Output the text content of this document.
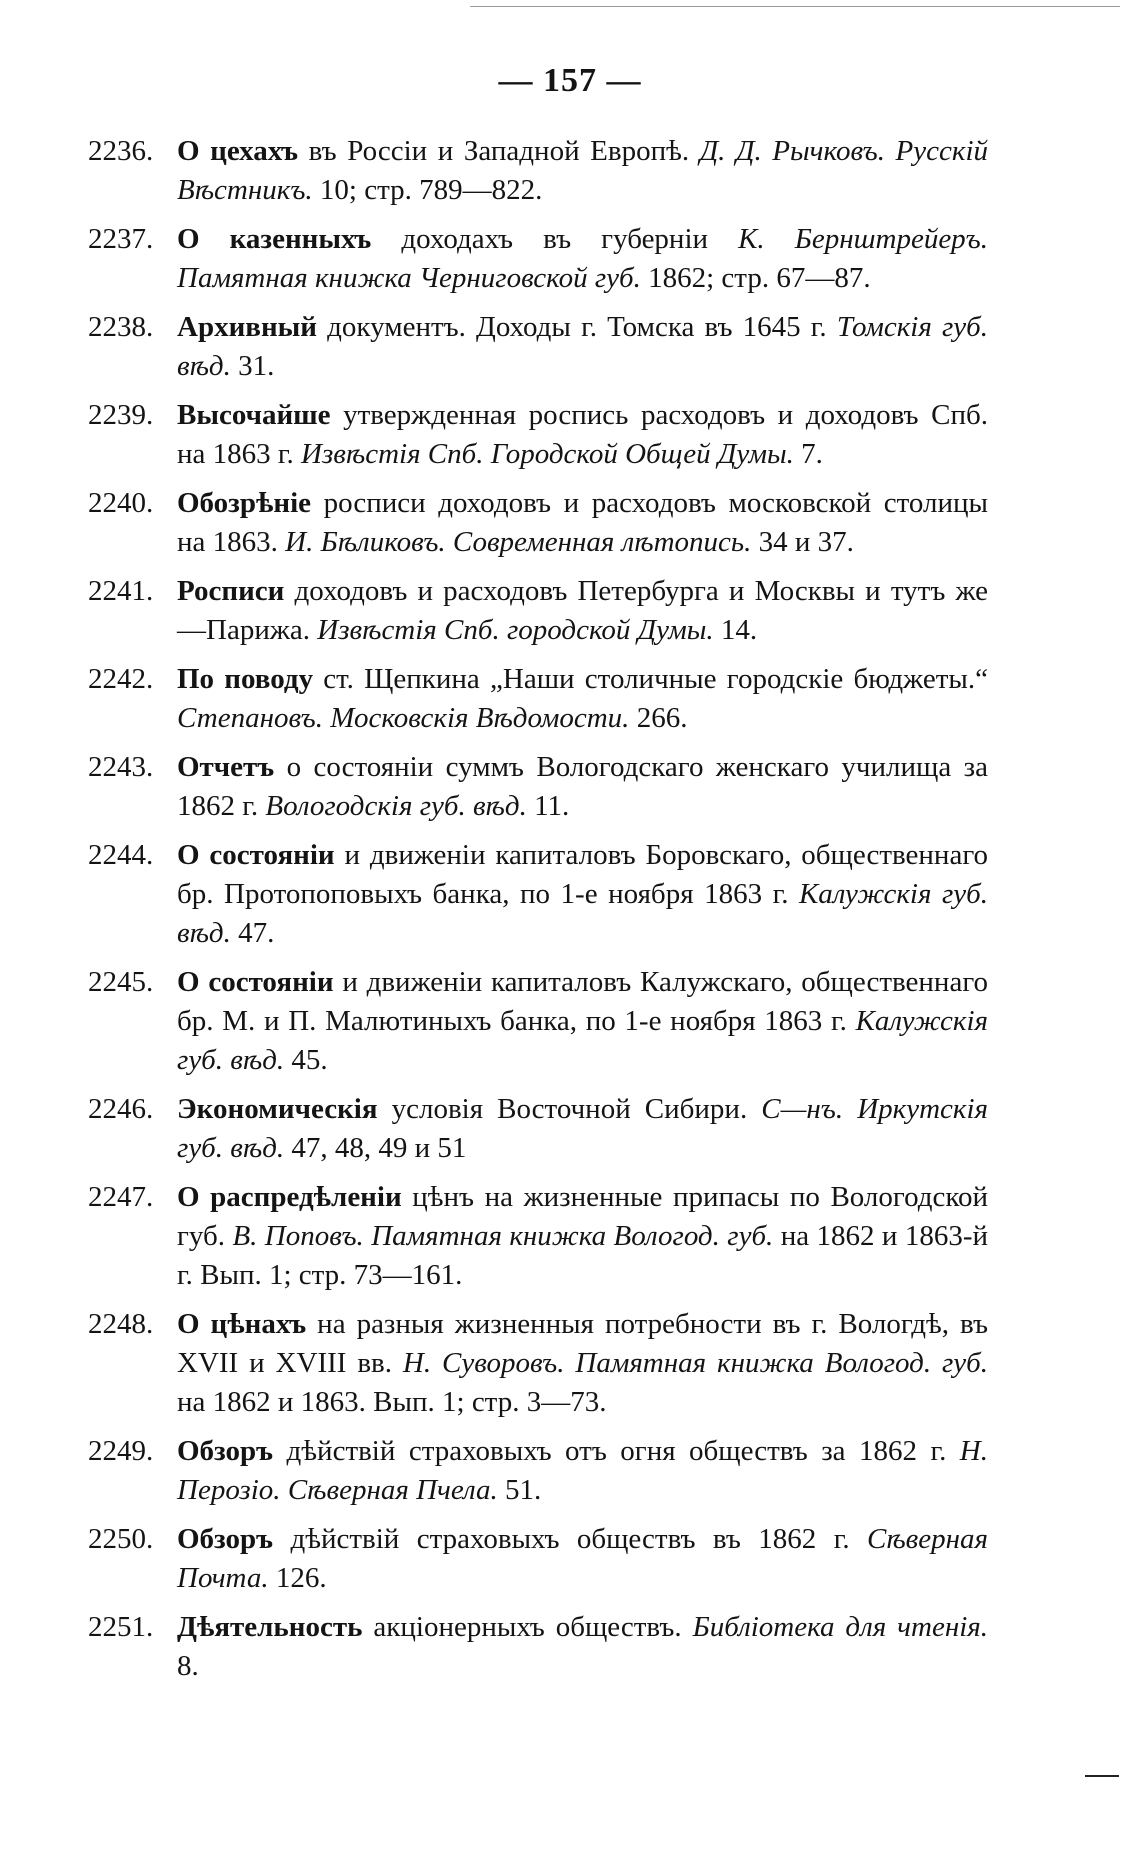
— 157 —
2236. О цехахъ въ Россіи и Западной Европѣ. Д. Д. Рычковъ. Русскій Вѣстникъ. 10; стр. 789—822.
2237. О казенныхъ доходахъ въ губерніи К. Бернштрейеръ. Памятная книжка Черниговской губ. 1862; стр. 67—87.
2238. Архивный документъ. Доходы г. Томска въ 1645 г. Томскія губ. вѣд. 31.
2239. Высочайше утвержденная роспись расходовъ и доходовъ Спб. на 1863 г. Извѣстія Спб. Городской Общей Думы. 7.
2240. Обозрѣніе росписи доходовъ и расходовъ московской столицы на 1863. И. Бѣликовъ. Современная лѣтопись. 34 и 37.
2241. Росписи доходовъ и расходовъ Петербурга и Москвы и тутъ же—Парижа. Извѣстія Спб. городской Думы. 14.
2242. По поводу ст. Щепкина „Наши столичные городскіе бюджеты.“ Степановъ. Московскія Вѣдомости. 266.
2243. Отчетъ о состояніи суммъ Вологодскаго женскаго училища за 1862 г. Вологодскія губ. вѣд. 11.
2244. О состояніи и движеніи капиталовъ Боровскаго, общественнаго бр. Протопоповыхъ банка, по 1-е ноября 1863 г. Калужскія губ. вѣд. 47.
2245. О состояніи и движеніи капиталовъ Калужскаго, общественнаго бр. М. и П. Малютиныхъ банка, по 1-е ноября 1863 г. Калужскія губ. вѣд. 45.
2246. Экономическія условія Восточной Сибири. С—нъ. Иркутскія губ. вѣд. 47, 48, 49 и 51
2247. О распредѣленіи цѣнъ на жизненные припасы по Вологодской губ. В. Поповъ. Памятная книжка Вологод. губ. на 1862 и 1863-й г. Вып. 1; стр. 73—161.
2248. О цѣнахъ на разныя жизненныя потребности въ г. Вологдѣ, въ XVII и XVIII вв. Н. Суворовъ. Памятная книжка Вологод. губ. на 1862 и 1863. Вып. 1; стр. 3—73.
2249. Обзоръ дѣйствій страховыхъ отъ огня обществъ за 1862 г. Н. Перозіо. Сѣверная Пчела. 51.
2250. Обзоръ дѣйствій страховыхъ обществъ въ 1862 г. Сѣверная Почта. 126.
2251. Дѣятельность акціонерныхъ обществъ. Библіотека для чтенія. 8.
